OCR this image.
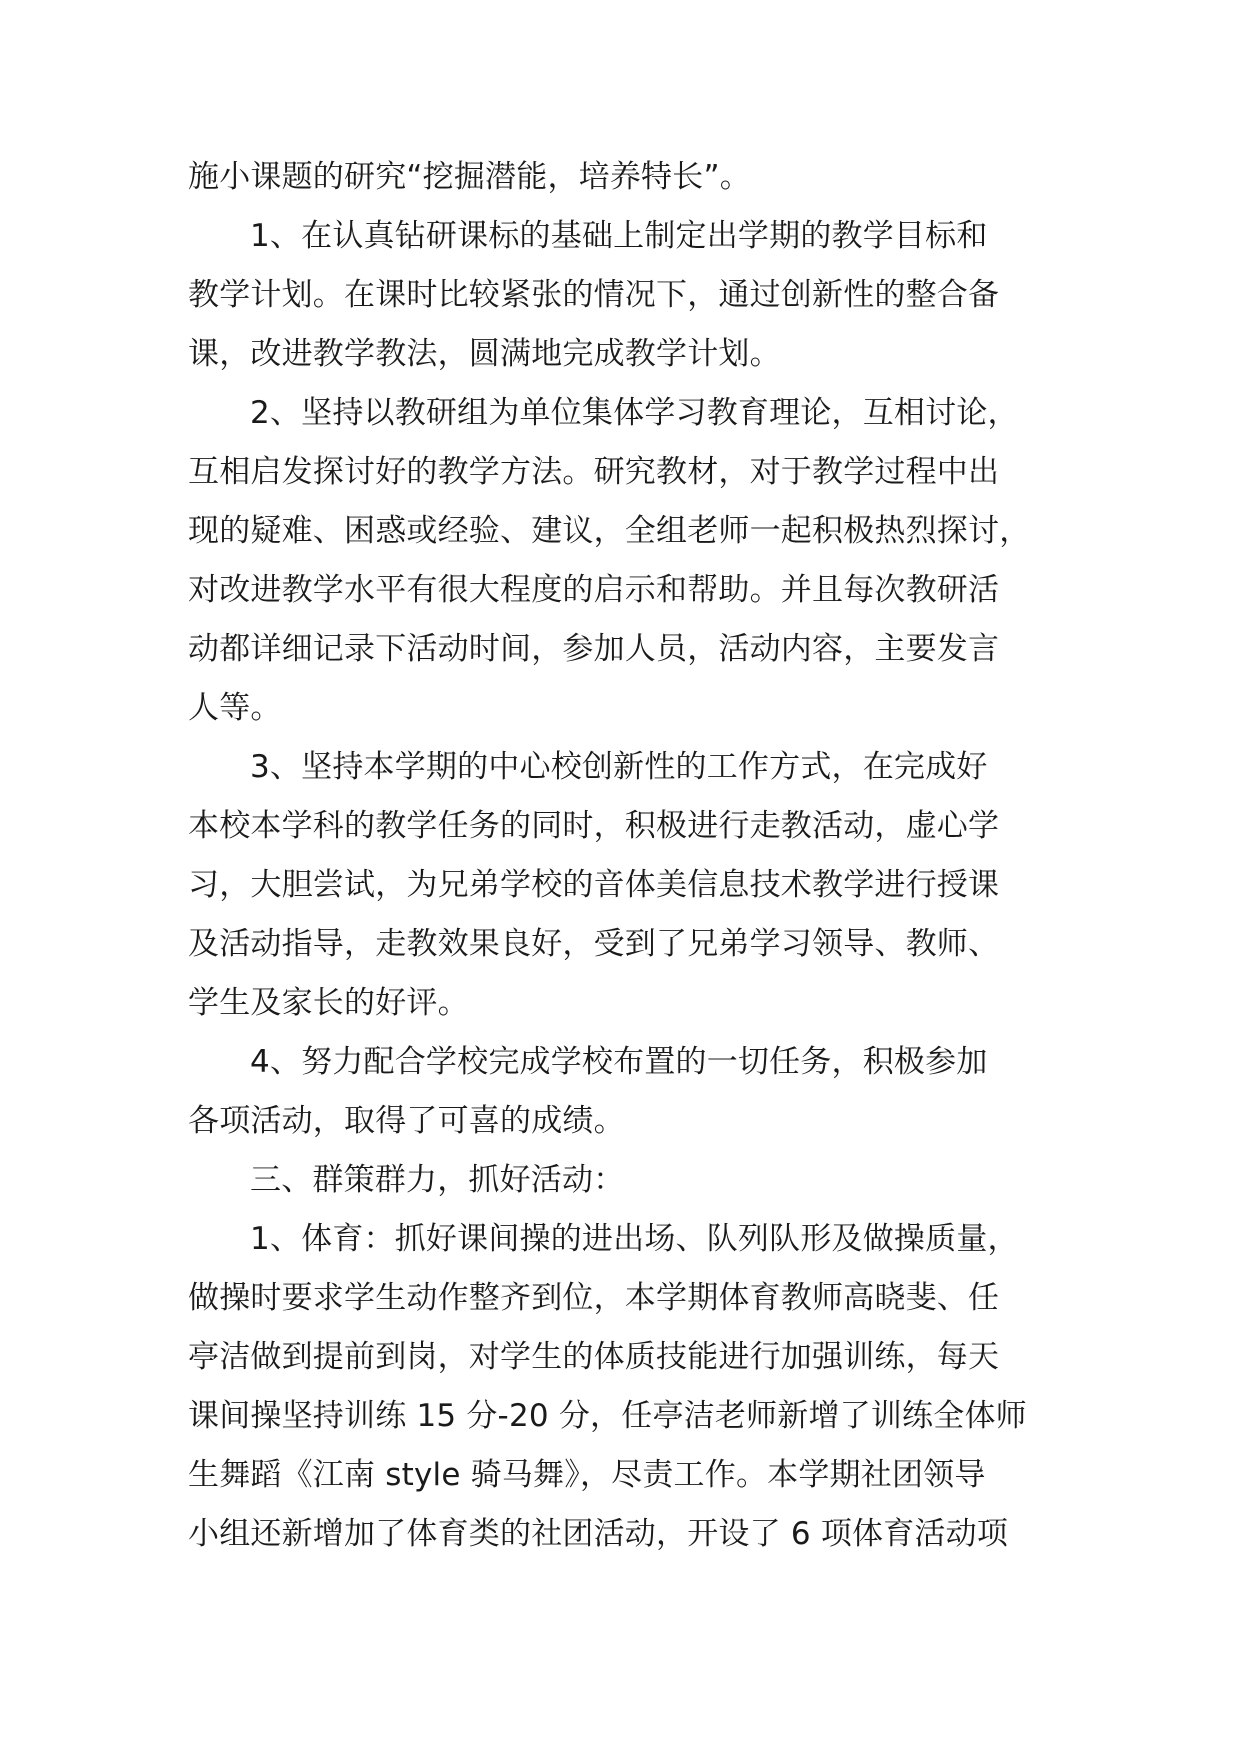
施小课题的研究“挖掘潜能，培养特长”。
1、在认真钻研课标的基础上制定出学期的教学目标和
教学计划。在课时比较紧张的情况下，通过创新性的整合备
课，改进教学教法，圆满地完成教学计划。
2、坚持以教研组为单位集体学习教育理论，互相讨论，
互相启发探讨好的教学方法。研究教材，对于教学过程中出
现的疑难、困惑或经验、建议，全组老师一起积极热烈探讨，
对改进教学水平有很大程度的启示和帮助。并且每次教研活
动都详细记录下活动时间，参加人员，活动内容，主要发言
人等。
3、坚持本学期的中心校创新性的工作方式，在完成好
本校本学科的教学任务的同时，积极进行走教活动，虚心学
习，大胆尝试，为兄弟学校的音体美信息技术教学进行授课
及活动指导，走教效果良好，受到了兄弟学习领导、教师、
学生及家长的好评。
4、努力配合学校完成学校布置的一切任务，积极参加
各项活动，取得了可喜的成绩。
三、群策群力，抓好活动：
1、体育：抓好课间操的进出场、队列队形及做操质量，
做操时要求学生动作整齐到位，本学期体育教师高晓斐、任
亭洁做到提前到岗，对学生的体质技能进行加强训练，每天
课间操坚持训练 15 分-20 分，任亭洁老师新增了训练全体师
生舞蹈《江南 style 骑马舞》，尽责工作。本学期社团领导
小组还新增加了体育类的社团活动，开设了 6 项体育活动项
